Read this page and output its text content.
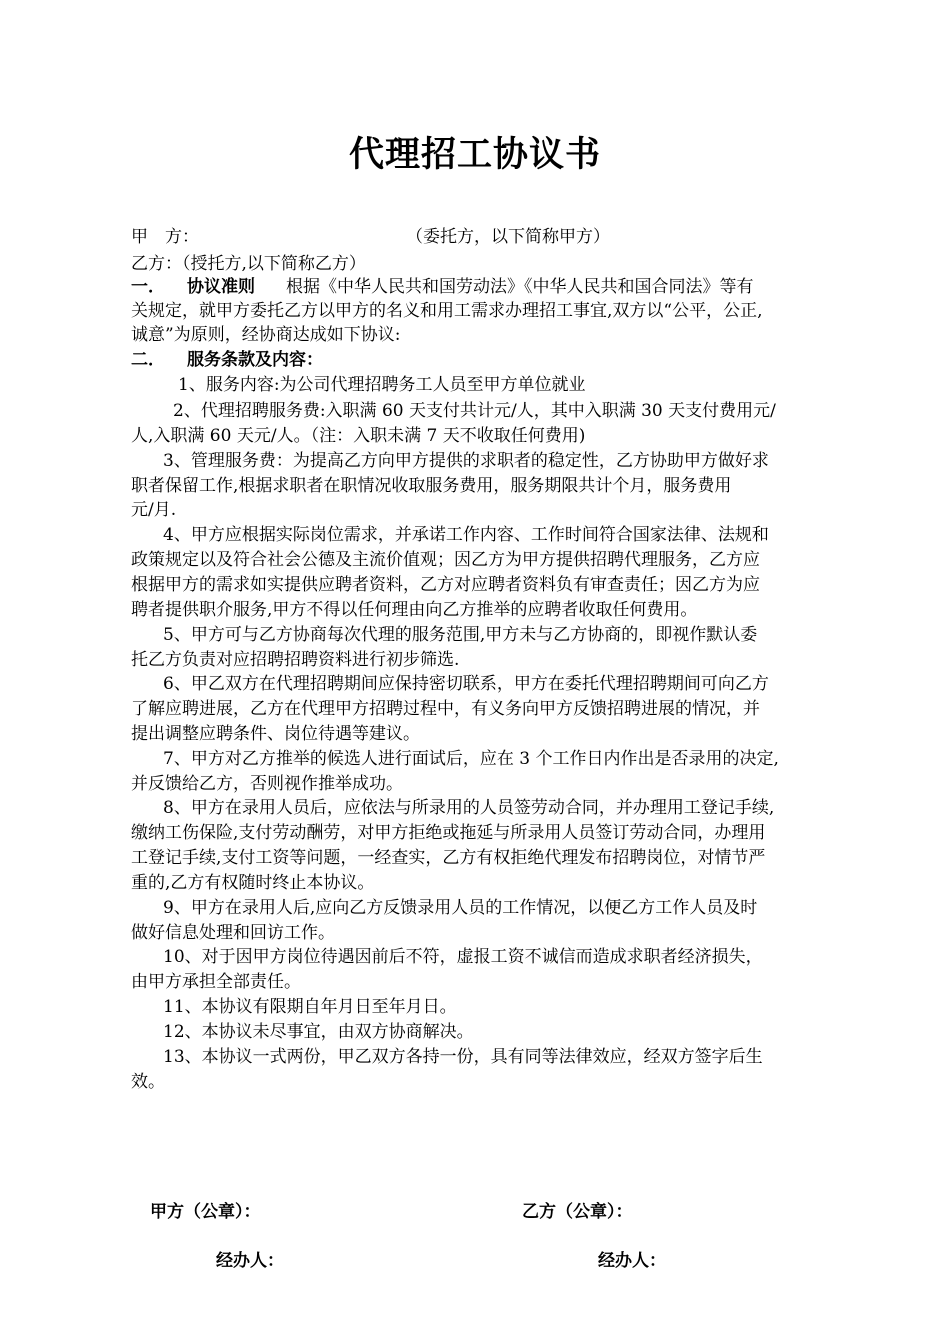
代理招工协议书
甲　方：	（委托方，以下简称甲方）
乙方：（授托方,以下简称乙方）
一． 协议准则 根据《中华人民共和国劳动法》《中华人民共和国合同法》等有
关规定，就甲方委托乙方以甲方的名义和用工需求办理招工事宜,双方以“公平，公正,
诚意”为原则，经协商达成如下协议:
二． 服务条款及内容：
1、服务内容:为公司代理招聘务工人员至甲方单位就业
2、代理招聘服务费:入职满 60 天支付共计元/人，其中入职满 30 天支付费用元/
人,入职满 60 天元/人。（注：入职未满 7 天不收取任何费用)
3、管理服务费：为提高乙方向甲方提供的求职者的稳定性，乙方协助甲方做好求
职者保留工作,根据求职者在职情况收取服务费用，服务期限共计个月，服务费用
元/月.
4、甲方应根据实际岗位需求，并承诺工作内容、工作时间符合国家法律、法规和
政策规定以及符合社会公德及主流价值观；因乙方为甲方提供招聘代理服务，乙方应
根据甲方的需求如实提供应聘者资料，乙方对应聘者资料负有审查责任；因乙方为应
聘者提供职介服务,甲方不得以任何理由向乙方推举的应聘者收取任何费用。
5、甲方可与乙方协商每次代理的服务范围,甲方未与乙方协商的，即视作默认委
托乙方负责对应招聘招聘资料进行初步筛选.
6、甲乙双方在代理招聘期间应保持密切联系，甲方在委托代理招聘期间可向乙方
了解应聘进展，乙方在代理甲方招聘过程中，有义务向甲方反馈招聘进展的情况，并
提出调整应聘条件、岗位待遇等建议。
7、甲方对乙方推举的候选人进行面试后，应在 3 个工作日内作出是否录用的决定,
并反馈给乙方，否则视作推举成功。
8、甲方在录用人员后，应依法与所录用的人员签劳动合同，并办理用工登记手续,
缴纳工伤保险,支付劳动酬劳，对甲方拒绝或拖延与所录用人员签订劳动合同，办理用
工登记手续,支付工资等问题，一经查实，乙方有权拒绝代理发布招聘岗位，对情节严
重的,乙方有权随时终止本协议。
9、甲方在录用人后,应向乙方反馈录用人员的工作情况，以便乙方工作人员及时
做好信息处理和回访工作。
10、对于因甲方岗位待遇因前后不符，虚报工资不诚信而造成求职者经济损失，
由甲方承担全部责任。
11、本协议有限期自年月日至年月日。
12、本协议未尽事宜，由双方协商解决。
13、本协议一式两份，甲乙双方各持一份，具有同等法律效应，经双方签字后生
效。
甲方（公章）：	乙方（公章）：
经办人：	经办人：
